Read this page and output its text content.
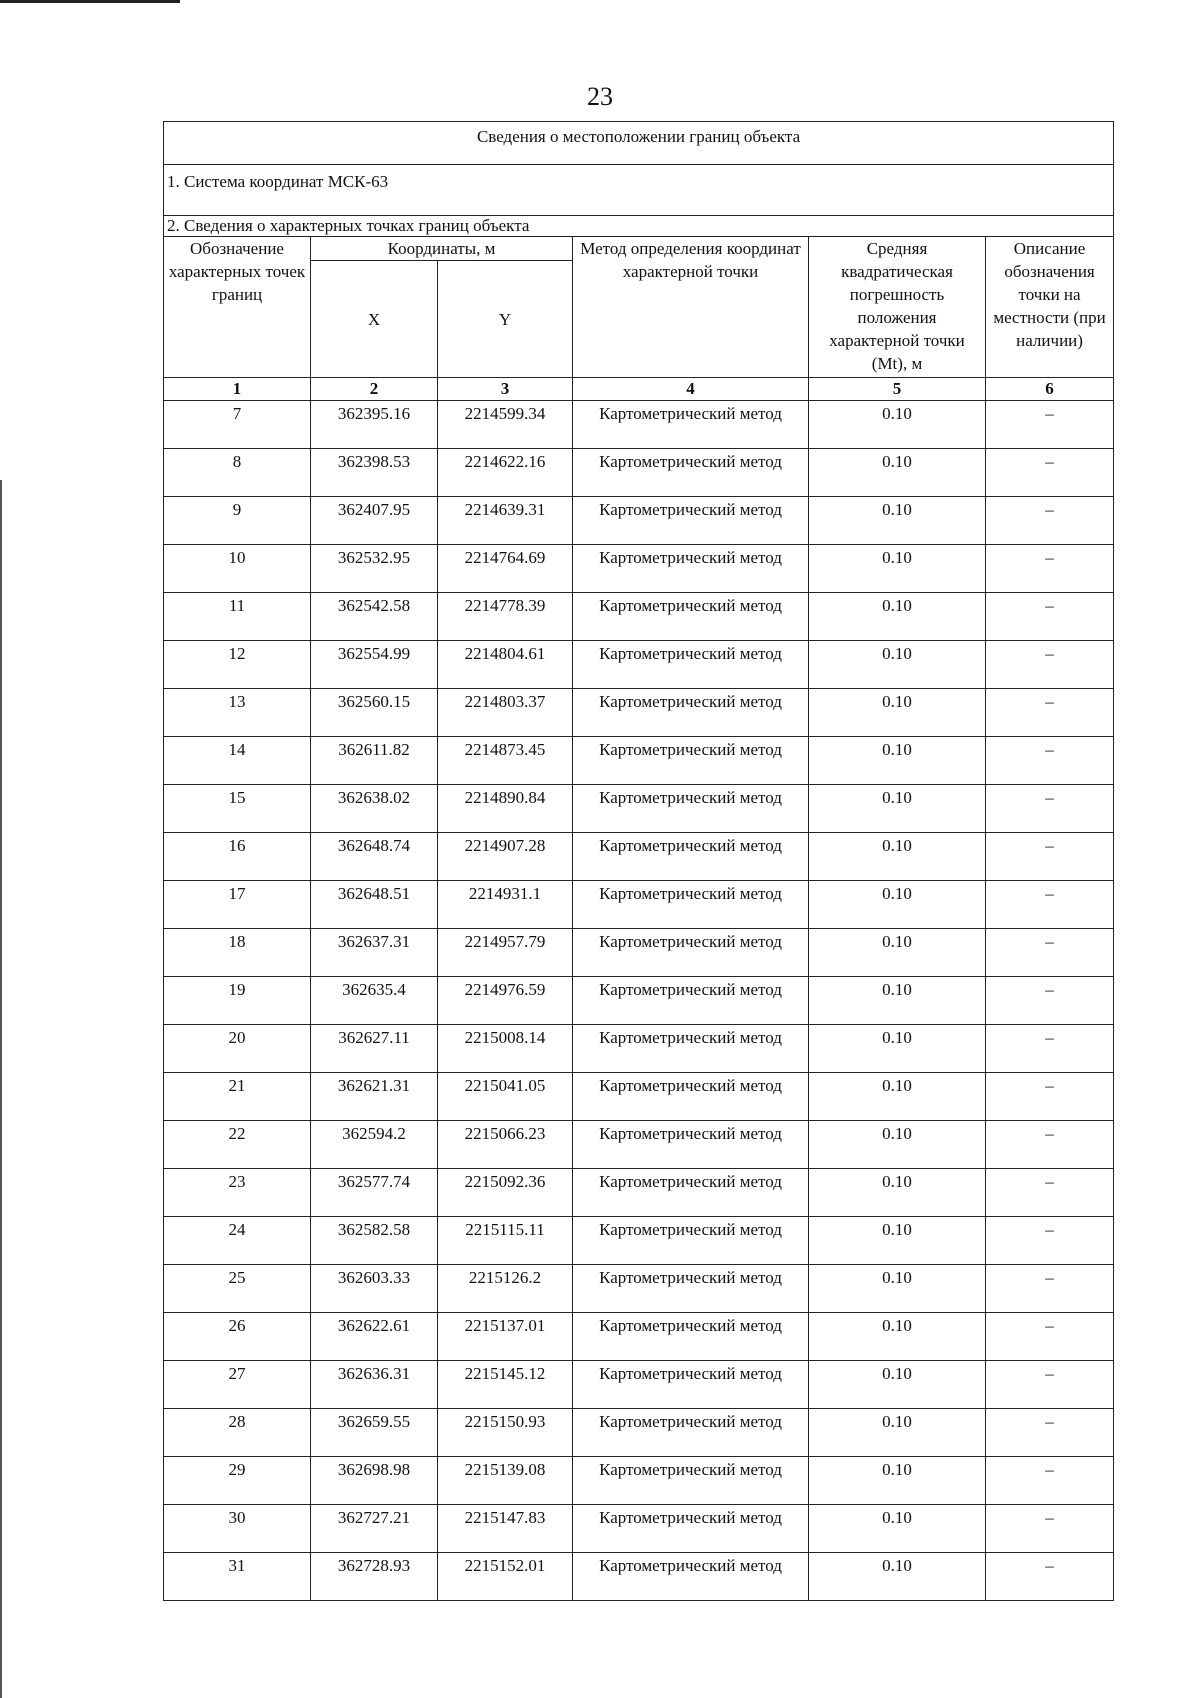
23
Сведения о местоположении границ объекта					
1. Система координат МСК-63					
2. Сведения о характерных точках границ объекта					
Обозначение характерных точек границ	Координаты, м		Метод определения координат характерной точки	Средняя квадратическая погрешность положения характерной точки (Mt), м	Описание обозначения точки на местности (при наличии)
	X	Y			
1	2	3	4	5	6
7	362395.16	2214599.34	Картометрический метод	0.10	–
8	362398.53	2214622.16	Картометрический метод	0.10	–
9	362407.95	2214639.31	Картометрический метод	0.10	–
10	362532.95	2214764.69	Картометрический метод	0.10	–
11	362542.58	2214778.39	Картометрический метод	0.10	–
12	362554.99	2214804.61	Картометрический метод	0.10	–
13	362560.15	2214803.37	Картометрический метод	0.10	–
14	362611.82	2214873.45	Картометрический метод	0.10	–
15	362638.02	2214890.84	Картометрический метод	0.10	–
16	362648.74	2214907.28	Картометрический метод	0.10	–
17	362648.51	2214931.1	Картометрический метод	0.10	–
18	362637.31	2214957.79	Картометрический метод	0.10	–
19	362635.4	2214976.59	Картометрический метод	0.10	–
20	362627.11	2215008.14	Картометрический метод	0.10	–
21	362621.31	2215041.05	Картометрический метод	0.10	–
22	362594.2	2215066.23	Картометрический метод	0.10	–
23	362577.74	2215092.36	Картометрический метод	0.10	–
24	362582.58	2215115.11	Картометрический метод	0.10	–
25	362603.33	2215126.2	Картометрический метод	0.10	–
26	362622.61	2215137.01	Картометрический метод	0.10	–
27	362636.31	2215145.12	Картометрический метод	0.10	–
28	362659.55	2215150.93	Картометрический метод	0.10	–
29	362698.98	2215139.08	Картометрический метод	0.10	–
30	362727.21	2215147.83	Картометрический метод	0.10	–
31	362728.93	2215152.01	Картометрический метод	0.10	–
